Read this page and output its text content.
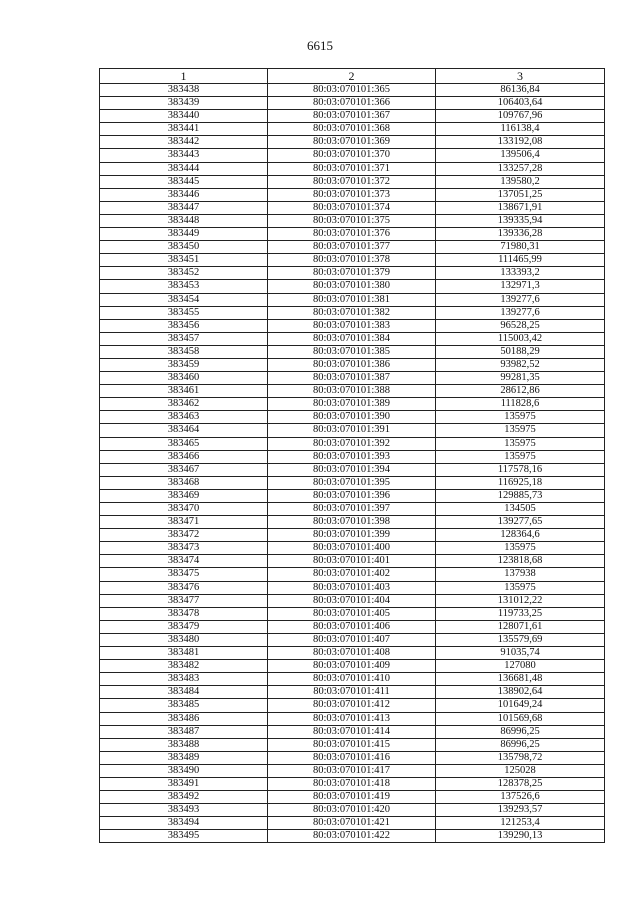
6615
1	2	3
383438	80:03:070101:365	86136,84
383439	80:03:070101:366	106403,64
383440	80:03:070101:367	109767,96
383441	80:03:070101:368	116138,4
383442	80:03:070101:369	133192,08
383443	80:03:070101:370	139506,4
383444	80:03:070101:371	133257,28
383445	80:03:070101:372	139580,2
383446	80:03:070101:373	137051,25
383447	80:03:070101:374	138671,91
383448	80:03:070101:375	139335,94
383449	80:03:070101:376	139336,28
383450	80:03:070101:377	71980,31
383451	80:03:070101:378	111465,99
383452	80:03:070101:379	133393,2
383453	80:03:070101:380	132971,3
383454	80:03:070101:381	139277,6
383455	80:03:070101:382	139277,6
383456	80:03:070101:383	96528,25
383457	80:03:070101:384	115003,42
383458	80:03:070101:385	50188,29
383459	80:03:070101:386	93982,52
383460	80:03:070101:387	99281,35
383461	80:03:070101:388	28612,86
383462	80:03:070101:389	111828,6
383463	80:03:070101:390	135975
383464	80:03:070101:391	135975
383465	80:03:070101:392	135975
383466	80:03:070101:393	135975
383467	80:03:070101:394	117578,16
383468	80:03:070101:395	116925,18
383469	80:03:070101:396	129885,73
383470	80:03:070101:397	134505
383471	80:03:070101:398	139277,65
383472	80:03:070101:399	128364,6
383473	80:03:070101:400	135975
383474	80:03:070101:401	123818,68
383475	80:03:070101:402	137938
383476	80:03:070101:403	135975
383477	80:03:070101:404	131012,22
383478	80:03:070101:405	119733,25
383479	80:03:070101:406	128071,61
383480	80:03:070101:407	135579,69
383481	80:03:070101:408	91035,74
383482	80:03:070101:409	127080
383483	80:03:070101:410	136681,48
383484	80:03:070101:411	138902,64
383485	80:03:070101:412	101649,24
383486	80:03:070101:413	101569,68
383487	80:03:070101:414	86996,25
383488	80:03:070101:415	86996,25
383489	80:03:070101:416	135798,72
383490	80:03:070101:417	125028
383491	80:03:070101:418	128378,25
383492	80:03:070101:419	137526,6
383493	80:03:070101:420	139293,57
383494	80:03:070101:421	121253,4
383495	80:03:070101:422	139290,13
